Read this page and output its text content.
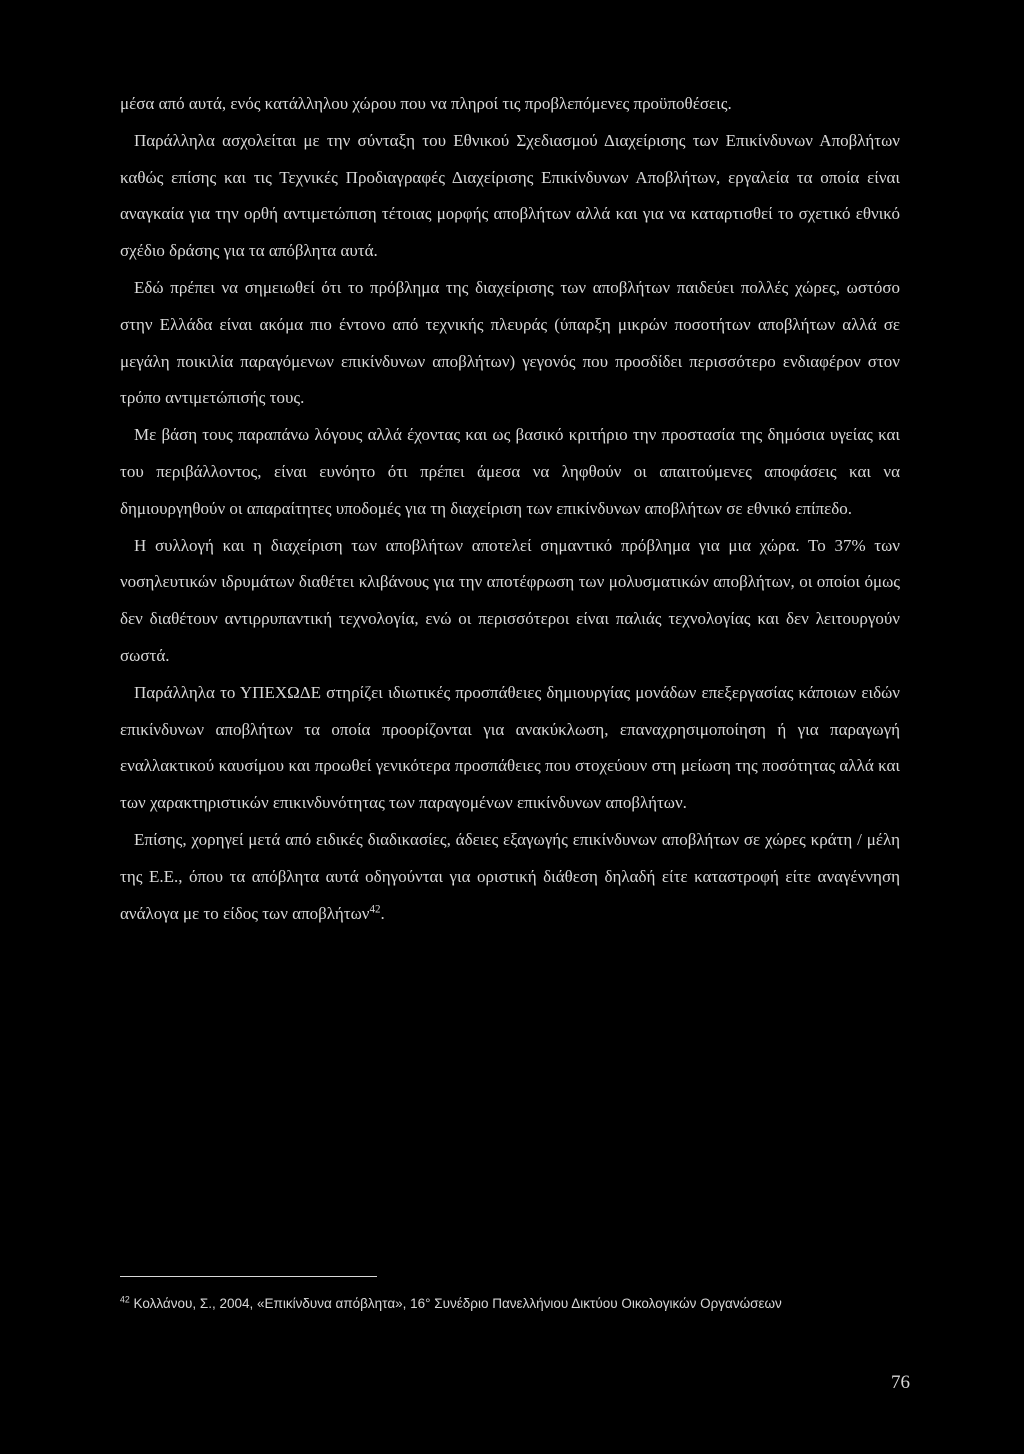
μέσα από αυτά, ενός κατάλληλου χώρου που να πληροί τις προβλεπόμενες προϋποθέσεις.

Παράλληλα ασχολείται με την σύνταξη του Εθνικού Σχεδιασμού Διαχείρισης των Επικίνδυνων Αποβλήτων καθώς επίσης και τις Τεχνικές Προδιαγραφές Διαχείρισης Επικίνδυνων Αποβλήτων, εργαλεία τα οποία είναι αναγκαία για την ορθή αντιμετώπιση τέτοιας μορφής αποβλήτων αλλά και για να καταρτισθεί το σχετικό εθνικό σχέδιο δράσης για τα απόβλητα αυτά.

Εδώ πρέπει να σημειωθεί ότι το πρόβλημα της διαχείρισης των αποβλήτων παιδεύει πολλές χώρες, ωστόσο στην Ελλάδα είναι ακόμα πιο έντονο από τεχνικής πλευράς (ύπαρξη μικρών ποσοτήτων αποβλήτων αλλά σε μεγάλη ποικιλία παραγόμενων επικίνδυνων αποβλήτων) γεγονός που προσδίδει περισσότερο ενδιαφέρον στον τρόπο αντιμετώπισής τους.

Με βάση τους παραπάνω λόγους αλλά έχοντας και ως βασικό κριτήριο την προστασία της δημόσια υγείας και του περιβάλλοντος, είναι ευνόητο ότι πρέπει άμεσα να ληφθούν οι απαιτούμενες αποφάσεις και να δημιουργηθούν οι απαραίτητες υποδομές για τη διαχείριση των επικίνδυνων αποβλήτων σε εθνικό επίπεδο.

Η συλλογή και η διαχείριση των αποβλήτων αποτελεί σημαντικό πρόβλημα για μια χώρα. Το 37% των νοσηλευτικών ιδρυμάτων διαθέτει κλιβάνους για την αποτέφρωση των μολυσματικών αποβλήτων, οι οποίοι όμως δεν διαθέτουν αντιρρυπαντική τεχνολογία, ενώ οι περισσότεροι είναι παλιάς τεχνολογίας και δεν λειτουργούν σωστά.

Παράλληλα το ΥΠΕΧΩΔΕ στηρίζει ιδιωτικές προσπάθειες δημιουργίας μονάδων επεξεργασίας κάποιων ειδών επικίνδυνων αποβλήτων τα οποία προορίζονται για ανακύκλωση, επαναχρησιμοποίηση ή για παραγωγή εναλλακτικού καυσίμου και προωθεί γενικότερα προσπάθειες που στοχεύουν στη μείωση της ποσότητας αλλά και των χαρακτηριστικών επικινδυνότητας των παραγομένων επικίνδυνων αποβλήτων.

Επίσης, χορηγεί μετά από ειδικές διαδικασίες, άδειες εξαγωγής επικίνδυνων αποβλήτων σε χώρες κράτη / μέλη της Ε.Ε., όπου τα απόβλητα αυτά οδηγούνται για οριστική διάθεση δηλαδή είτε καταστροφή είτε αναγέννηση ανάλογα με το είδος των αποβλήτων$^{42}$.

$^{42}$ Κολλάνου, Σ., 2004, «Επικίνδυνα απόβλητα», 16° Συνέδριο Πανελλήνιου Δικτύου Οικολογικών Οργανώσεων
76
